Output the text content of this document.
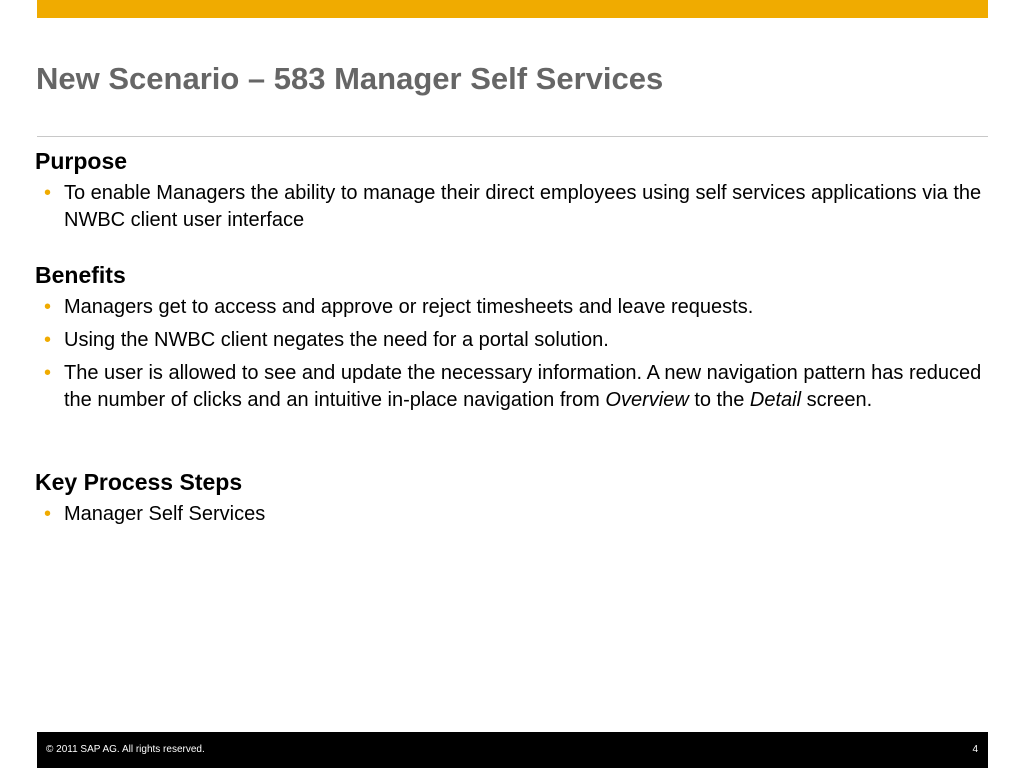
New Scenario – 583 Manager Self Services
Purpose
• To enable Managers the ability to manage their direct employees using self services applications via the NWBC client user interface
Benefits
• Managers get to access and approve or reject timesheets and leave requests.
• Using the NWBC client negates the need for a portal solution.
• The user is allowed to see and update the necessary information. A new navigation pattern has reduced the number of clicks and an intuitive in-place navigation from Overview to the Detail screen.
Key Process Steps
• Manager Self Services
© 2011 SAP AG. All rights reserved.	4
